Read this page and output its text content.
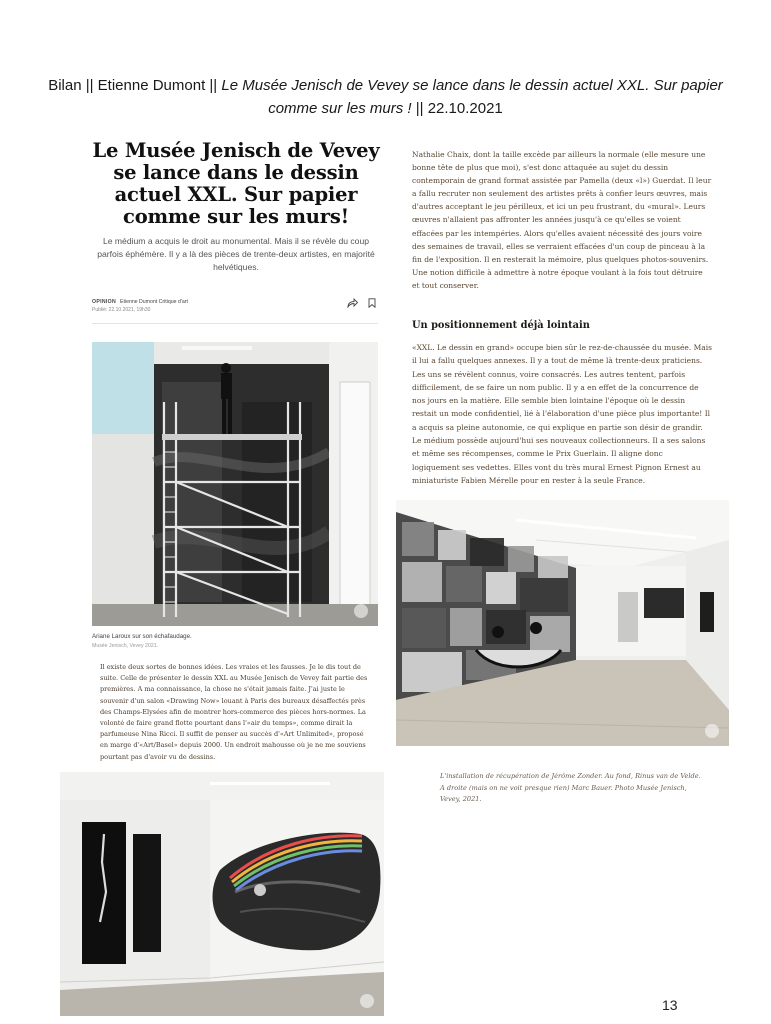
Bilan || Etienne Dumont || Le Musée Jenisch de Vevey se lance dans le dessin actuel XXL. Sur papier comme sur les murs ! || 22.10.2021
Le Musée Jenisch de Vevey se lance dans le dessin actuel XXL. Sur papier comme sur les murs!
Le médium a acquis le droit au monumental. Mais il se révèle du coup parfois éphémère. Il y a là des pièces de trente-deux artistes, en majorité helvétiques.
OPINION Etienne Dumont Critique d'art
Publié: 22.10.2021, 19h30
Ariane Laroux sur son échafaudage.
Musée Jenisch, Vevey 2021.

Il existe deux sortes de bonnes idées. Les vraies et les fausses. Je le dis tout de suite. Celle de présenter le dessin XXL au Musée Jenisch de Vevey fait partie des premières. A ma connaissance, la chose ne s'était jamais faite. J'ai juste le souvenir d'un salon «Drawing Now» louant à Paris des bureaux désaffectés près des Champs-Elysées afin de montrer hors-commerce des pièces hors-normes. La volonté de faire grand flotte pourtant dans l'«air du temps», comme dirait la parfumeuse Nina Ricci. Il suffit de penser au succès d'«Art Unlimited», proposé en marge d'«Art/Basel» depuis 2000. Un endroit mahousse où je ne me souviens pourtant pas d'avoir vu de dessins.

Nathalie Chaix, dont la taille excède par ailleurs la normale (elle mesure une bonne tête de plus que moi), s'est donc attaquée au sujet du dessin contemporain de grand format assistée par Pamella (deux «l») Guerdat. Il leur a fallu recruter non seulement des artistes prêts à confier leurs œuvres, mais d'autres acceptant le jeu périlleux, et ici un peu frustrant, du «mural». Leurs œuvres n'allaient pas affronter les années jusqu'à ce qu'elles se voient effacées par les intempéries. Alors qu'elles avaient nécessité des jours voire des semaines de travail, elles se verraient effacées d'un coup de pinceau à la fin de l'exposition. Il en resterait la mémoire, plus quelques photos-souvenirs. Une notion difficile à admettre à notre époque voulant à la fois tout détruire et tout conserver.

Un positionnement déjà lointain

«XXL. Le dessin en grand» occupe bien sûr le rez-de-chaussée du musée. Mais il lui a fallu quelques annexes. Il y a tout de même là trente-deux praticiens. Les uns se révèlent connus, voire consacrés. Les autres tentent, parfois difficilement, de se faire un nom public. Il y a en effet de la concurrence de nos jours en la matière. Elle semble bien lointaine l'époque où le dessin restait un mode confidentiel, lié à l'élaboration d'une pièce plus importante! Il a acquis sa pleine autonomie, ce qui explique en partie son désir de grandir. Le médium possède aujourd'hui ses nouveaux collectionneurs. Il a ses salons et même ses récompenses, comme le Prix Guerlain. Il aligne donc logiquement ses vedettes. Elles vont du très mural Ernest Pignon Ernest au miniaturiste Fabien Mérelle pour en rester à la seule France.

L'installation de récupération de Jérôme Zonder. Au fond, Rinus van de Velde. A droite (mais on ne voit presque rien) Marc Bauer. Photo Musée Jenisch, Vevey, 2021.
13
